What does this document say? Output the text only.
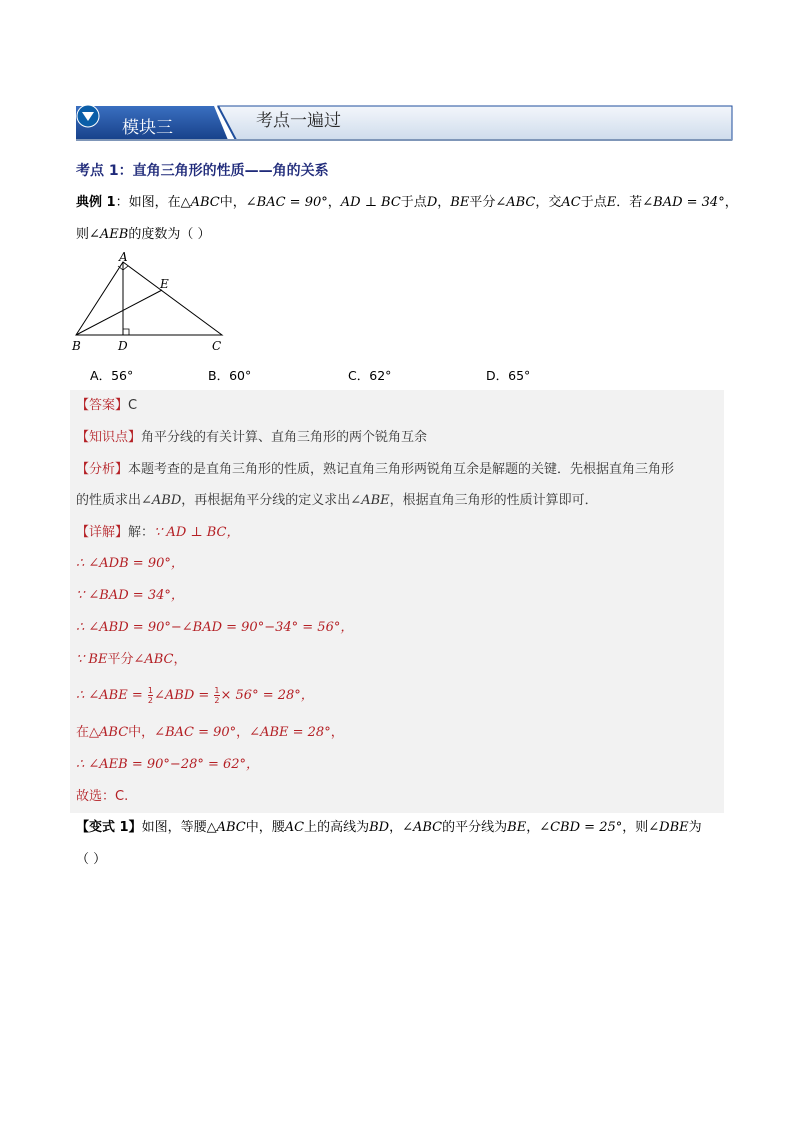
模块三	考点一遍过
考点 1：直角三角形的性质——角的关系
典例 1：如图，在△ABC中，∠BAC = 90°，AD ⊥ BC于点D，BE平分∠ABC，交AC于点E．若∠BAD = 34°，
则∠AEB的度数为（ ）
A
E
B	D	C
A．56°	B．60°	C．62°	D．65°
【答案】C
【知识点】角平分线的有关计算、直角三角形的两个锐角互余
【分析】本题考查的是直角三角形的性质，熟记直角三角形两锐角互余是解题的关键．先根据直角三角形
的性质求出∠ABD，再根据角平分线的定义求出∠ABE，根据直角三角形的性质计算即可．
【详解】解：∵ AD ⊥ BC，
∴ ∠ADB = 90°，
∵ ∠BAD = 34°，
∴ ∠ABD = 90°−∠BAD = 90°−34° = 56°，
∵ BE平分∠ABC，
∴ ∠ABE = $\frac{1}{2}$ ∠ABD = $\frac{1}{2} \times 56^\circ = 28^\circ$，
在△ABC中，∠BAC = 90°，∠ABE = 28°，
∴ ∠AEB = 90°−28° = 62°，
故选：C.
【变式 1】如图，等腰△ABC中，腰AC上的高线为BD，∠ABC的平分线为BE，∠CBD = 25°，则∠DBE为
（ ）
